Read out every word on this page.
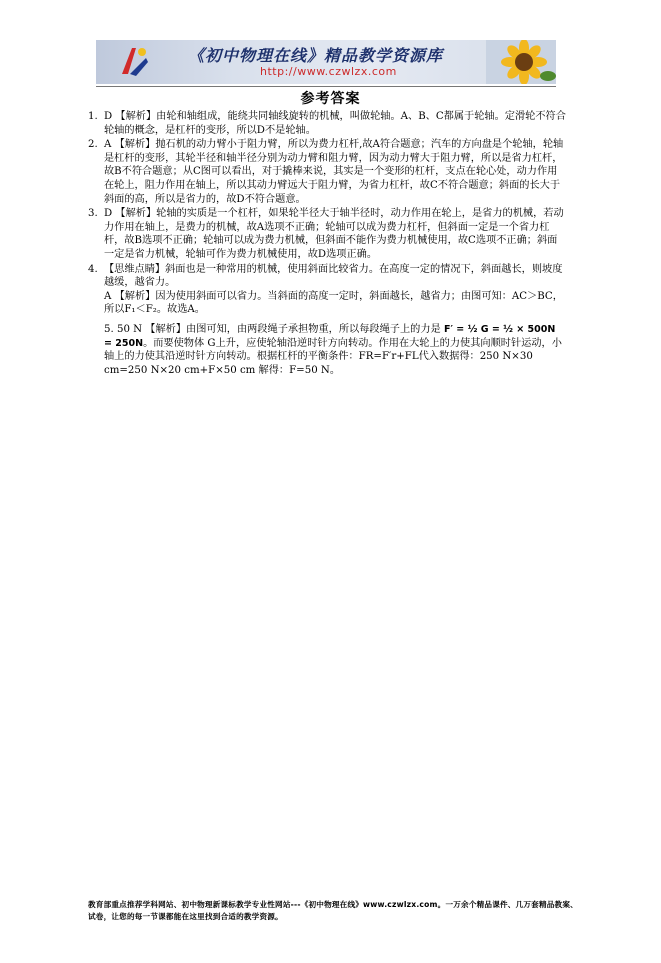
《初中物理在线》精品教学资源库
http://www.czwlzx.com
参考答案
1. D 【解析】由轮和轴组成，能绕共同轴线旋转的机械，叫做轮轴。A、B、C都属于轮轴。定滑轮不符合轮轴的概念，是杠杆的变形，所以D不是轮轴。
2. A 【解析】抛石机的动力臂小于阻力臂，所以为费力杠杆,故A符合题意；汽车的方向盘是个轮轴，轮轴是杠杆的变形，其轮半径和轴半径分别为动力臂和阻力臂，因为动力臂大于阻力臂，所以是省力杠杆，故B不符合题意；从C图可以看出，对于撬棒来说，其实是一个变形的杠杆，支点在轮心处，动力作用在轮上，阻力作用在轴上，所以其动力臂远大于阻力臂，为省力杠杆，故C不符合题意；斜面的长大于斜面的高，所以是省力的，故D不符合题意。
3. D 【解析】轮轴的实质是一个杠杆，如果轮半径大于轴半径时，动力作用在轮上，是省力的机械，若动力作用在轴上，是费力的机械，故A选项不正确；轮轴可以成为费力杠杆，但斜面一定是一个省力杠杆，故B选项不正确；轮轴可以成为费力机械，但斜面不能作为费力机械使用，故C选项不正确；斜面一定是省力机械，轮轴可作为费力机械使用，故D选项正确。
4. 【思维点睛】斜面也是一种常用的机械，使用斜面比较省力。在高度一定的情况下，斜面越长，则坡度越缓，越省力。
A 【解析】因为使用斜面可以省力。当斜面的高度一定时，斜面越长，越省力；由图可知：AC＞BC，所以F₁＜F₂。故选A。
5. 50 N 【解析】由图可知，由两段绳子承担物重，所以每段绳子上的力是 F′ = ½ G = ½ × 500N = 250N。而要使物体 G上升，应使轮轴沿逆时针方向转动。作用在大轮上的力使其向顺时针运动，小轴上的力使其沿逆时针方向转动。根据杠杆的平衡条件：FR=F′r+FL代入数据得：250 N×30 cm=250 N×20 cm+F×50 cm 解得：F=50 N。
教育部重点推荐学科网站、初中物理新课标教学专业性网站---《初中物理在线》www.czwlzx.com。一万余个精品课件、几万套精品教案、试卷，让您的每一节课都能在这里找到合适的教学资源。
